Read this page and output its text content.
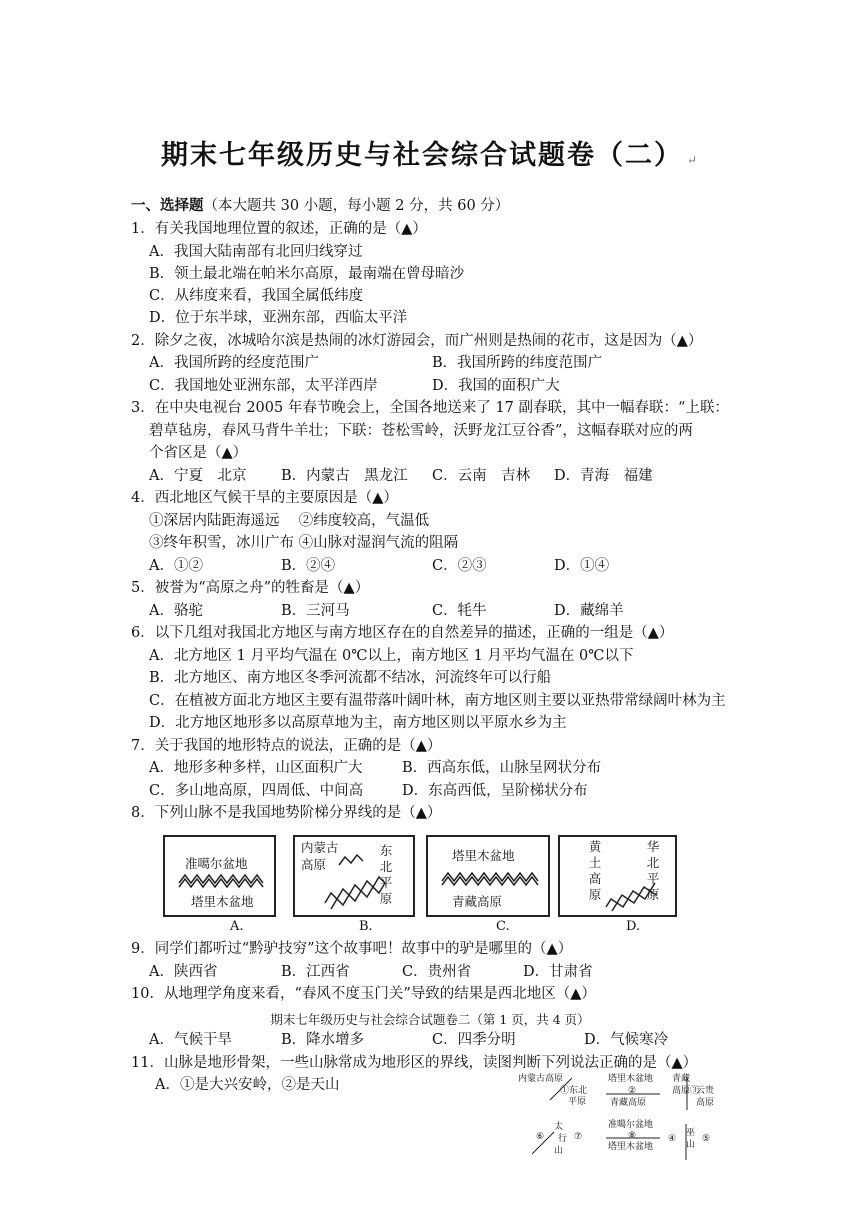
期末七年级历史与社会综合试题卷（二） ↵
一、选择题（本大题共 30 小题，每小题 2 分，共 60 分）
1．有关我国地理位置的叙述，正确的是（▲）
A．我国大陆南部有北回归线穿过
B．领土最北端在帕米尔高原，最南端在曾母暗沙
C．从纬度来看，我国全属低纬度
D．位于东半球，亚洲东部，西临太平洋
2．除夕之夜，冰城哈尔滨是热闹的冰灯游园会，而广州则是热闹的花市，这是因为（▲）
A．我国所跨的经度范围广	B．我国所跨的纬度范围广
C．我国地处亚洲东部，太平洋西岸	D．我国的面积广大
3．在中央电视台 2005 年春节晚会上，全国各地送来了 17 副春联，其中一幅春联：“上联：
碧草毡房，春风马背牛羊壮；下联：苍松雪岭，沃野龙江豆谷香”，这幅春联对应的两
个省区是（▲）
A．宁夏　北京 B．内蒙古　黑龙江 C．云南　吉林 D．青海　福建
4．西北地区气候干旱的主要原因是（▲）
①深居内陆距海遥远　 ②纬度较高，气温低
③终年积雪，冰川广布 ④山脉对湿润气流的阻隔
A．①②	B．②④	C．②③	D．①④
5．被誉为“高原之舟”的牲畜是（▲）
A．骆驼	B．三河马	C．牦牛	D．藏绵羊
6．以下几组对我国北方地区与南方地区存在的自然差异的描述，正确的一组是（▲）
A．北方地区 1 月平均气温在 0℃以上，南方地区 1 月平均气温在 0℃以下
B．北方地区、南方地区冬季河流都不结冰，河流终年可以行船
C．在植被方面北方地区主要有温带落叶阔叶林，南方地区则主要以亚热带常绿阔叶林为主
D．北方地区地形多以高原草地为主，南方地区则以平原水乡为主
7．关于我国的地形特点的说法，正确的是（▲）
A．地形多种多样，山区面积广大	B．西高东低，山脉呈网状分布
C．多山地高原，四周低、中间高	D．东高西低，呈阶梯状分布
8．下列山脉不是我国地势阶梯分界线的是（▲）
准噶尔盆地
塔里木盆地
A.
内蒙古
高原
东北平原
B.
塔里木盆地
青藏高原
C.
黄土高原
华北平原
D.
9．同学们都听过“黔驴技穷”这个故事吧！故事中的驴是哪里的（▲）
A．陕西省	B．江西省	C．贵州省	D．甘肃省
10．从地理学角度来看，“春风不度玉门关”导致的结果是西北地区（▲）
期末七年级历史与社会综合试题卷二（第 1 页，共 4 页）
A．气候干旱	B．降水增多	C．四季分明	D．气候寒冷
11．山脉是地形骨架，一些山脉常成为地形区的界线，读图判断下列说法正确的是（▲）
A．①是大兴安岭，②是天山	内蒙古高原
①东北
平原
塔里木盆地
②
青藏高原
青藏
高原③
云贵
高原
太
行
山
⑥	⑦
准噶尔盆地
⑧
塔里木盆地
④
巫
山
⑤
